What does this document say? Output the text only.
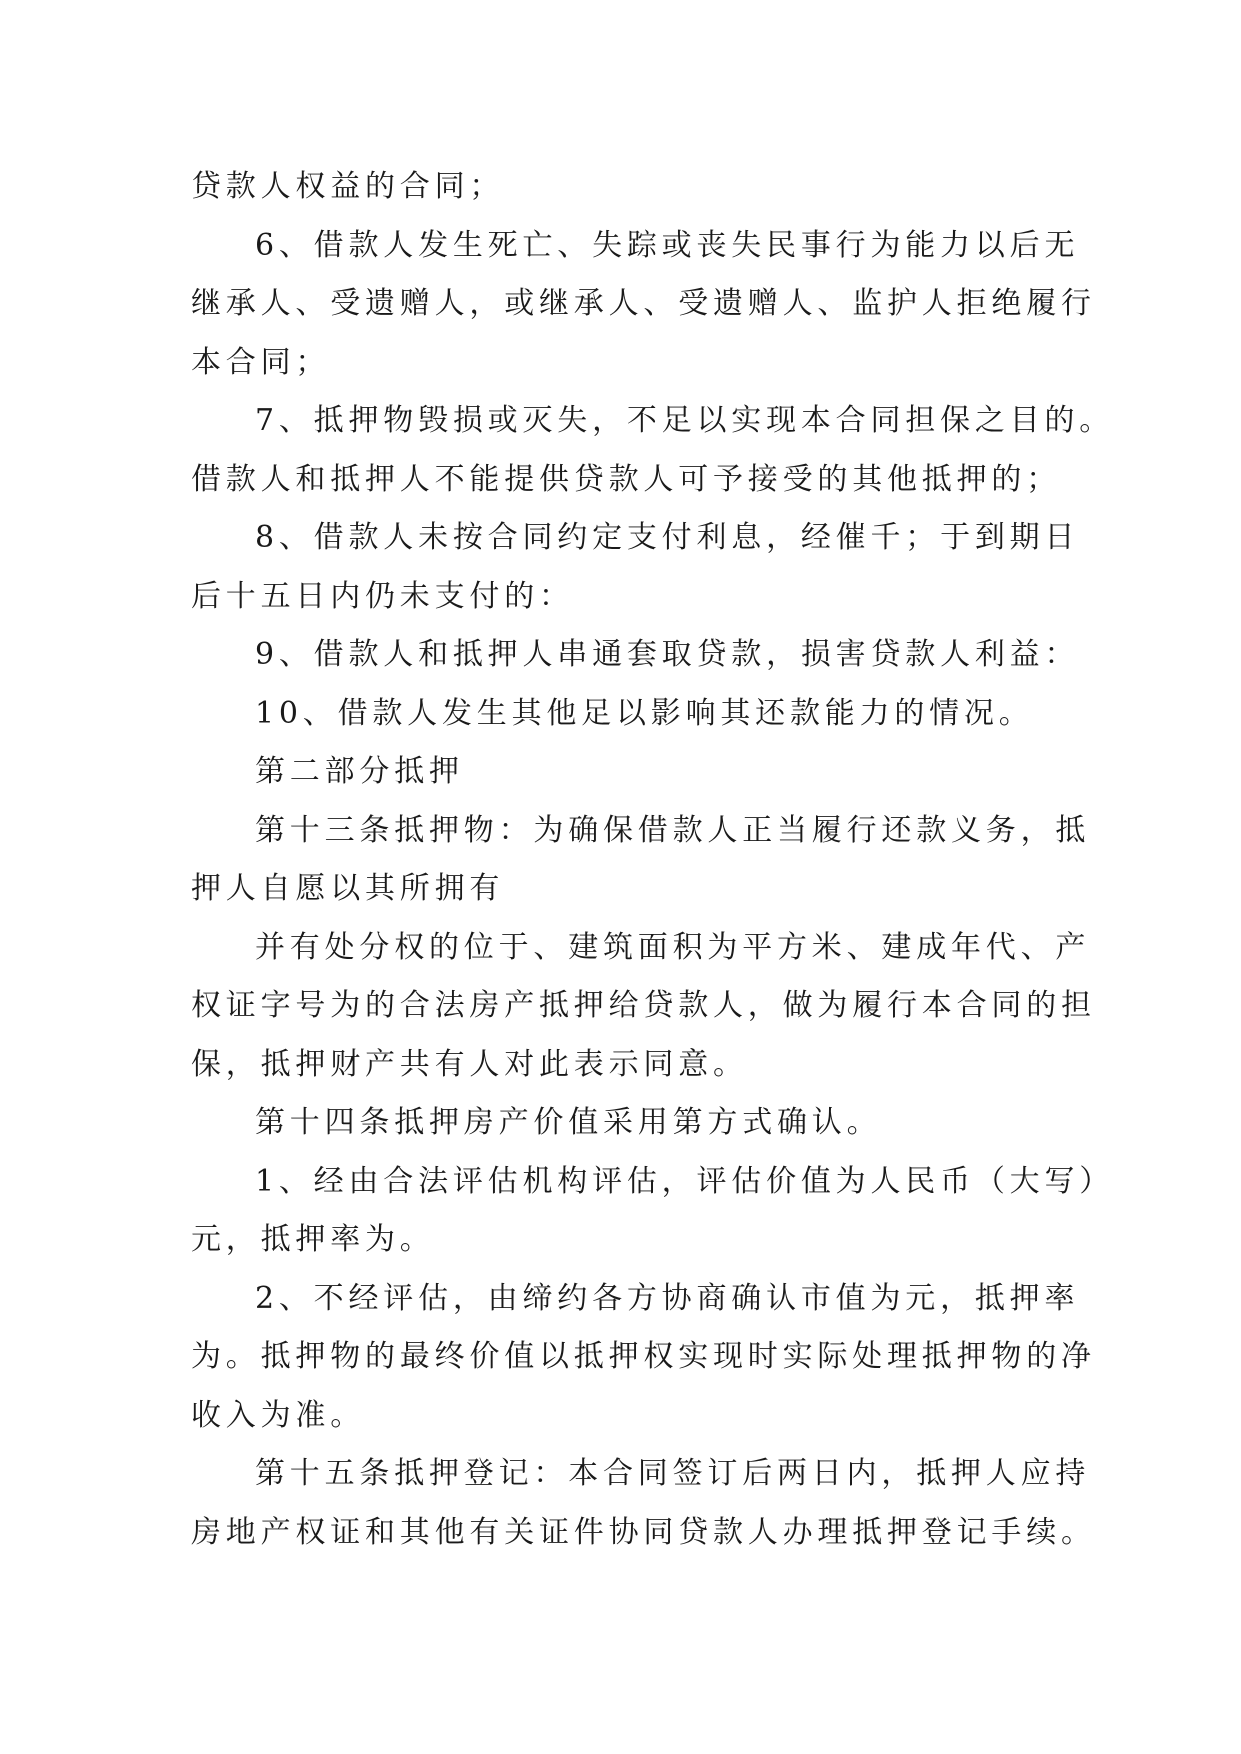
贷款人权益的合同；
6、借款人发生死亡、失踪或丧失民事行为能力以后无
继承人、受遗赠人，或继承人、受遗赠人、监护人拒绝履行
本合同；
7、抵押物毁损或灭失，不足以实现本合同担保之目的。
借款人和抵押人不能提供贷款人可予接受的其他抵押的；
8、借款人未按合同约定支付利息，经催千；于到期日
后十五日内仍未支付的：
9、借款人和抵押人串通套取贷款，损害贷款人利益：
10、借款人发生其他足以影响其还款能力的情况。
第二部分抵押
第十三条抵押物：为确保借款人正当履行还款义务，抵
押人自愿以其所拥有
并有处分权的位于、建筑面积为平方米、建成年代、产
权证字号为的合法房产抵押给贷款人，做为履行本合同的担
保，抵押财产共有人对此表示同意。
第十四条抵押房产价值采用第方式确认。
1、经由合法评估机构评估，评估价值为人民币（大写）
元，抵押率为。
2、不经评估，由缔约各方协商确认市值为元，抵押率
为。抵押物的最终价值以抵押权实现时实际处理抵押物的净
收入为准。
第十五条抵押登记：本合同签订后两日内，抵押人应持
房地产权证和其他有关证件协同贷款人办理抵押登记手续。
